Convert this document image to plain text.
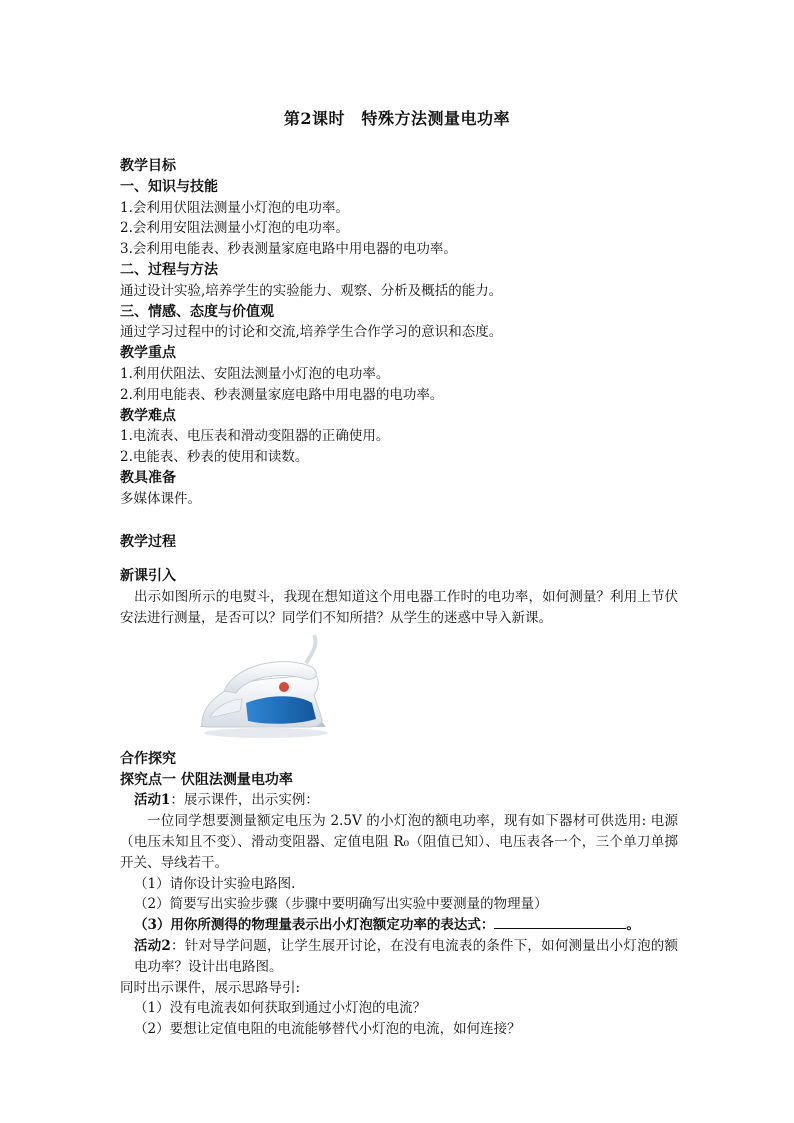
第2课时　特殊方法测量电功率
教学目标
一、知识与技能
1.会利用伏阻法测量小灯泡的电功率。
2.会利用安阻法测量小灯泡的电功率。
3.会利用电能表、秒表测量家庭电路中用电器的电功率。
二、过程与方法
通过设计实验,培养学生的实验能力、观察、分析及概括的能力。
三、情感、态度与价值观
通过学习过程中的讨论和交流,培养学生合作学习的意识和态度。
教学重点
1.利用伏阻法、安阻法测量小灯泡的电功率。
2.利用电能表、秒表测量家庭电路中用电器的电功率。
教学难点
1.电流表、电压表和滑动变阻器的正确使用。
2.电能表、秒表的使用和读数。
教具准备
多媒体课件。
教学过程
新课引入
出示如图所示的电熨斗，我现在想知道这个用电器工作时的电功率，如何测量？利用上节伏安法进行测量，是否可以？同学们不知所措？从学生的迷惑中导入新课。
合作探究
探究点一 伏阻法测量电功率
活动1：展示课件，出示实例：
一位同学想要测量额定电压为 2.5V 的小灯泡的额电功率，现有如下器材可供选用: 电源（电压未知且不变）、滑动变阻器、定值电阻 R₀（阻值已知）、电压表各一个，三个单刀单掷开关、导线若干。
（1）请你设计实验电路图.
（2）简要写出实验步骤（步骤中要明确写出实验中要测量的物理量）
（3）用你所测得的物理量表示出小灯泡额定功率的表达式：	。
活动2：针对导学问题，让学生展开讨论，在没有电流表的条件下，如何测量出小灯泡的额电功率？设计出电路图。
同时出示课件，展示思路导引:
（1）没有电流表如何获取到通过小灯泡的电流？
（2）要想让定值电阻的电流能够替代小灯泡的电流，如何连接？
